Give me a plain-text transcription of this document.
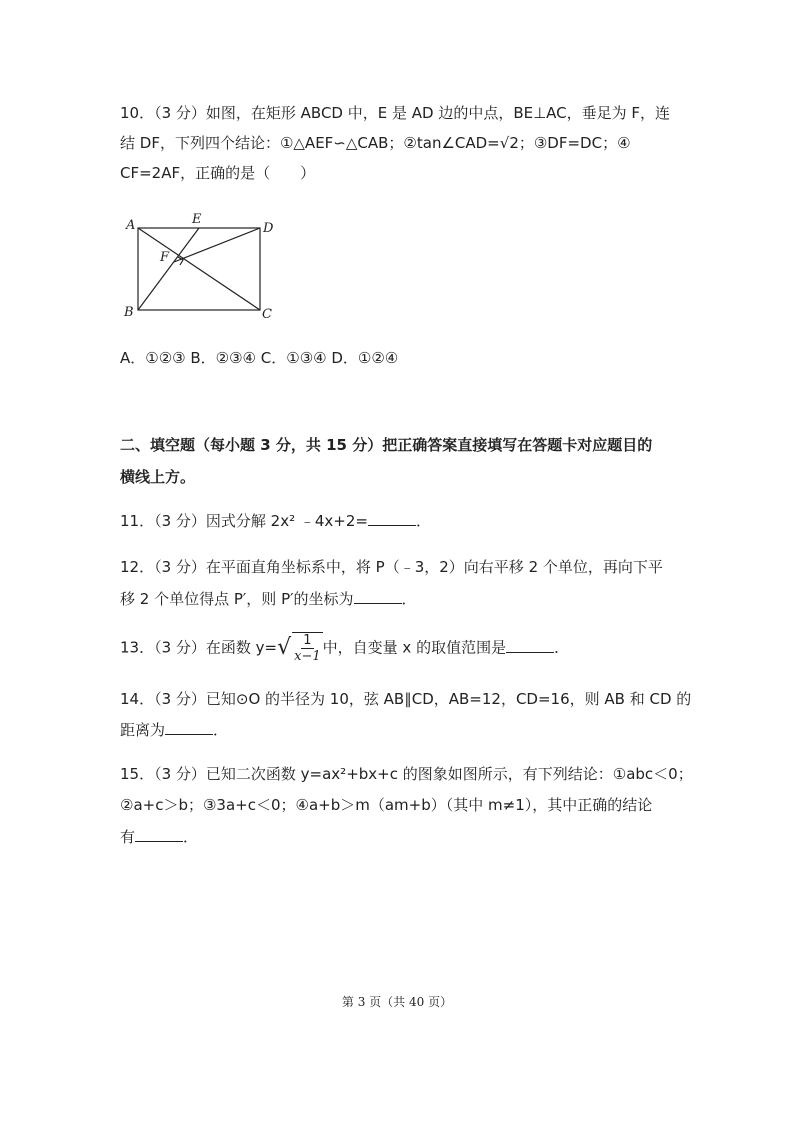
10．（3 分）如图，在矩形 ABCD 中，E 是 AD 边的中点，BE⊥AC，垂足为 F，连
结 DF，下列四个结论：①△AEF∽△CAB；②tan∠CAD=√2；③DF=DC；④
CF=2AF，正确的是（　　）
A
B	C
D
E
F
A．①②③ B．②③④ C．①③④ D．①②④
二、填空题（每小题 3 分，共 15 分）把正确答案直接填写在答题卡对应题目的
横线上方。
11．（3 分）因式分解 2x² ﹣4x+2=	．
12．（3 分）在平面直角坐标系中，将 P（﹣3，2）向右平移 2 个单位，再向下平
移 2 个单位得点 P′，则 P′的坐标为	．
13．（3 分）在函数 $y=√ \frac{1}{x-1}$ 中，自变量 x 的取值范围是	．
14．（3 分）已知⊙O 的半径为 10，弦 AB∥CD，AB=12，CD=16，则 AB 和 CD 的
距离为	．
15．（3 分）已知二次函数 y=ax²+bx+c 的图象如图所示，有下列结论：①abc＜0；
②a+c＞b；③3a+c＜0；④a+b＞m（am+b）（其中 m≠1），其中正确的结论
有	．
第 3 页（共 40 页）
